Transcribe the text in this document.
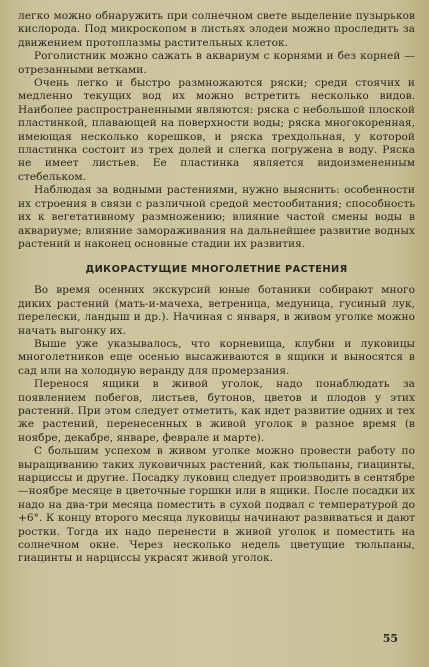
легко можно обнаружить при солнечном свете выделение пузырьков кислорода. Под микроскопом в листьях элодеи можно проследить за движением протоплазмы растительных клеток.

Роголистник можно сажать в аквариум с корнями и без корней — отрезанными ветками.

Очень легко и быстро размножаются ряски; среди стоячих и медленно текущих вод их можно встретить несколько видов. Наиболее распространенными являются: ряска с небольшой плоской пластинкой, плавающей на поверхности воды; ряска многокоренная, имеющая несколько корешков, и ряска трехдольная, у которой пластинка состоит из трех долей и слегка погружена в воду. Ряска не имеет листьев. Ее пластинка является видоизмененным стебельком.

Наблюдая за водными растениями, нужно выяснить: особенности их строения в связи с различной средой местообитания; способность их к вегетативному размножению; влияние частой смены воды в аквариуме; влияние замораживания на дальнейшее развитие водных растений и наконец основные стадии их развития.

ДИКОРАСТУЩИЕ МНОГОЛЕТНИЕ РАСТЕНИЯ

Во время осенних экскурсий юные ботаники собирают много диких растений (мать-и-мачеха, ветреница, медуница, гусиный лук, перелески, ландыш и др.). Начиная с января, в живом уголке можно начать выгонку их.

Выше уже указывалось, что корневища, клубни и луковицы многолетников еще осенью высаживаются в ящики и выносятся в сад или на холодную веранду для промерзания.

Перенося ящики в живой уголок, надо понаблюдать за появлением побегов, листьев, бутонов, цветов и плодов у этих растений. При этом следует отметить, как идет развитие одних и тех же растений, перенесенных в живой уголок в разное время (в ноябре, декабре, январе, феврале и марте).

С большим успехом в живом уголке можно провести работу по выращиванию таких луковичных растений, как тюльпаны, гиацинты, нарциссы и другие. Посадку луковиц следует производить в сентябре—ноябре месяце в цветочные горшки или в ящики. После посадки их надо на два-три месяца поместить в сухой подвал с температурой до +6°. К концу второго месяца луковицы начинают развиваться и дают ростки. Тогда их надо перенести в живой уголок и поместить на солнечном окне. Через несколько недель цветущие тюльпаны, гиацинты и нарциссы украсят живой уголок.

55
